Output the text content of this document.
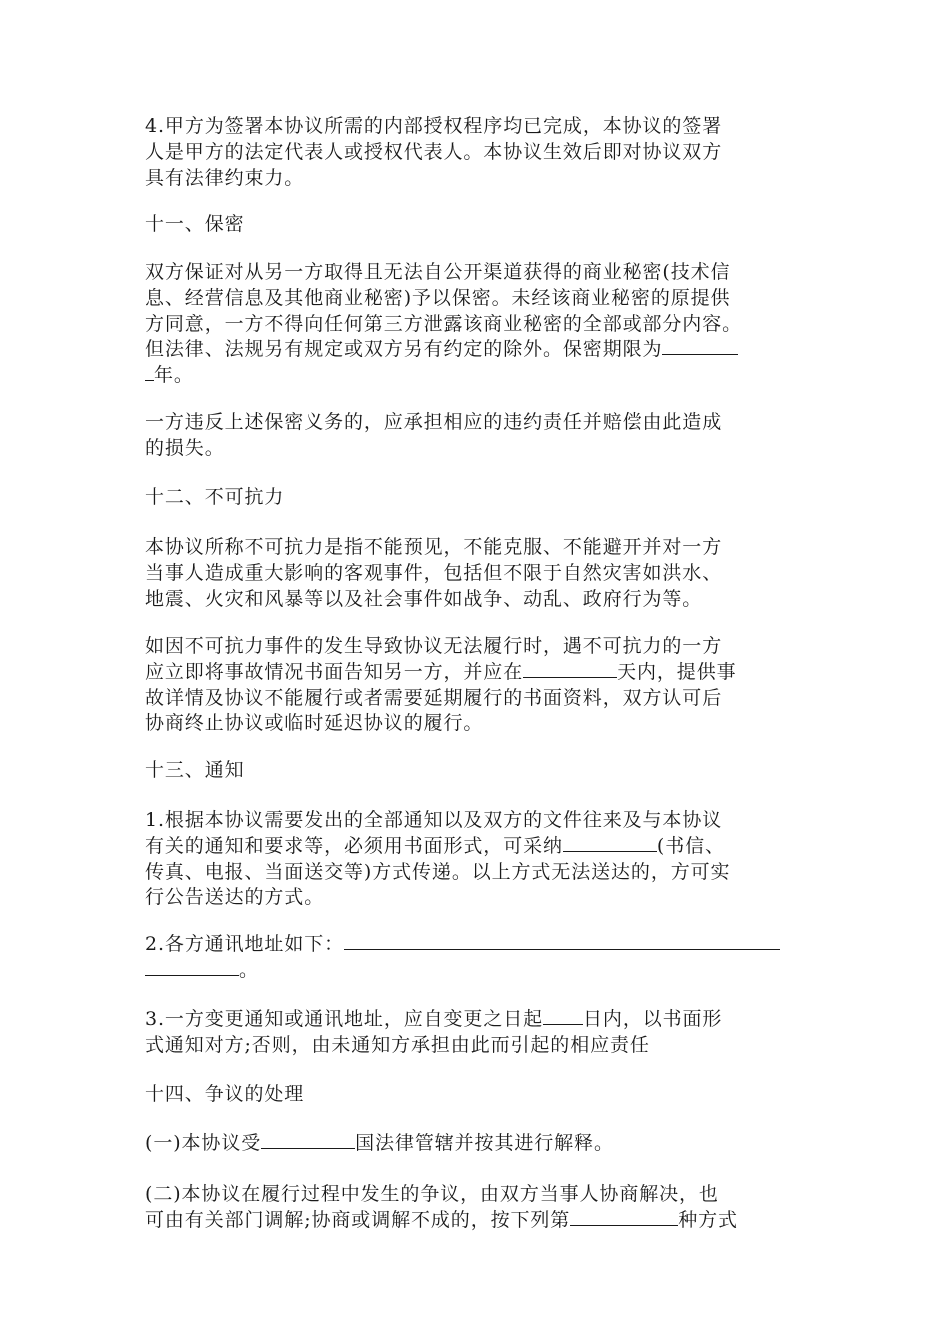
4.甲方为签署本协议所需的内部授权程序均已完成，本协议的签署
人是甲方的法定代表人或授权代表人。本协议生效后即对协议双方
具有法律约束力。
十一、保密
双方保证对从另一方取得且无法自公开渠道获得的商业秘密(技术信
息、经营信息及其他商业秘密)予以保密。未经该商业秘密的原提供
方同意，一方不得向任何第三方泄露该商业秘密的全部或部分内容。
但法律、法规另有规定或双方另有约定的除外。保密期限为
年。
一方违反上述保密义务的，应承担相应的违约责任并赔偿由此造成
的损失。
十二、不可抗力
本协议所称不可抗力是指不能预见，不能克服、不能避开并对一方
当事人造成重大影响的客观事件，包括但不限于自然灾害如洪水、
地震、火灾和风暴等以及社会事件如战争、动乱、政府行为等。
如因不可抗力事件的发生导致协议无法履行时，遇不可抗力的一方
应立即将事故情况书面告知另一方，并应在	天内，提供事
故详情及协议不能履行或者需要延期履行的书面资料，双方认可后
协商终止协议或临时延迟协议的履行。
十三、通知
1.根据本协议需要发出的全部通知以及双方的文件往来及与本协议
有关的通知和要求等，必须用书面形式，可采纳	(书信、
传真、电报、当面送交等)方式传递。以上方式无法送达的，方可实
行公告送达的方式。
2.各方通讯地址如下：
。
3.一方变更通知或通讯地址，应自变更之日起 日内，以书面形
式通知对方;否则，由未通知方承担由此而引起的相应责任
十四、争议的处理
(一)本协议受	国法律管辖并按其进行解释。
(二)本协议在履行过程中发生的争议，由双方当事人协商解决，也
可由有关部门调解;协商或调解不成的，按下列第	种方式
